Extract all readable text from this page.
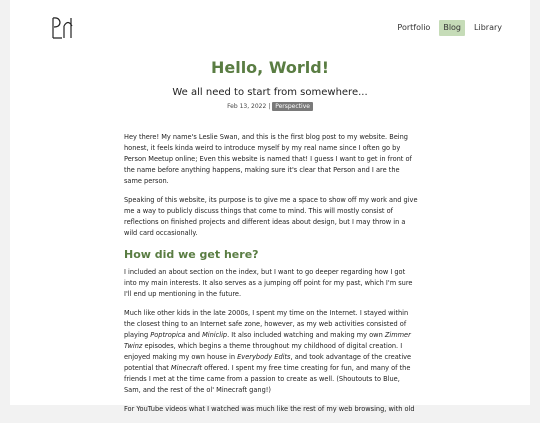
Portfolio	Blog	Library
Hello, World!
We all need to start from somewhere...
Feb 13, 2022 | Perspective

Hey there! My name's Leslie Swan, and this is the first blog post to my website. Being honest, it feels kinda weird to introduce myself by my real name since I often go by Person Meetup online; Even this website is named that! I guess I want to get in front of the name before anything happens, making sure it's clear that Person and I are the same person.

Speaking of this website, its purpose is to give me a space to show off my work and give me a way to publicly discuss things that come to mind. This will mostly consist of reflections on finished projects and different ideas about design, but I may throw in a wild card occasionally.

How did we get here?

I included an about section on the index, but I want to go deeper regarding how I got into my main interests. It also serves as a jumping off point for my past, which I'm sure I'll end up mentioning in the future.

Much like other kids in the late 2000s, I spent my time on the Internet. I stayed within the closest thing to an Internet safe zone, however, as my web activities consisted of playing Poptropica and Miniclip. It also included watching and making my own Zimmer Twinz episodes, which begins a theme throughout my childhood of digital creation. I enjoyed making my own house in Everybody Edits, and took advantage of the creative potential that Minecraft offered. I spent my free time creating for fun, and many of the friends I met at the time came from a passion to create as well. (Shoutouts to Blue, Sam, and the rest of the ol' Minecraft gang!)

For YouTube videos what I watched was much like the rest of my web browsing, with old
